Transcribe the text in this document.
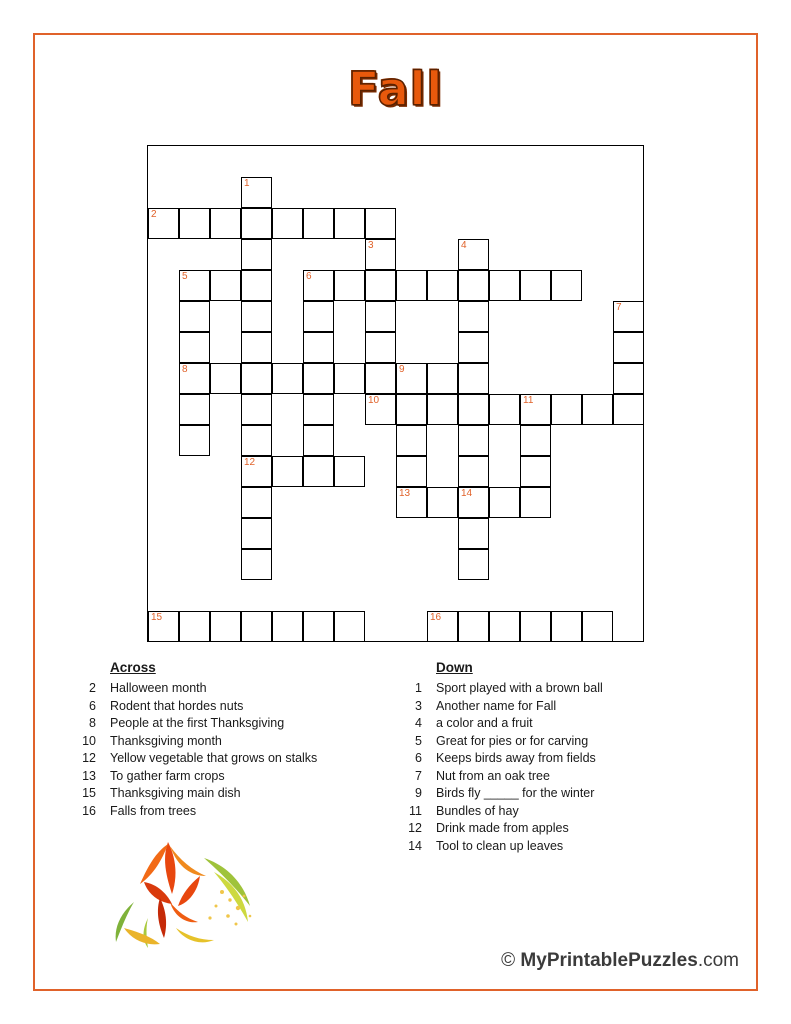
Fall
1
2
3	4
5	6
7
8	9
10	11
12
13	14
15	16
Across
2	Halloween month
6	Rodent that hordes nuts
8	People at the first Thanksgiving
10	Thanksgiving month
12	Yellow vegetable that grows on stalks
13	To gather farm crops
15	Thanksgiving main dish
16	Falls from trees
Down
1	Sport played with a brown ball
3	Another name for Fall
4	a color and a fruit
5	Great for pies or for carving
6	Keeps birds away from fields
7	Nut from an oak tree
9	Birds fly _____ for the winter
11	Bundles of hay
12	Drink made from apples
14	Tool to clean up leaves
© MyPrintablePuzzles.com
